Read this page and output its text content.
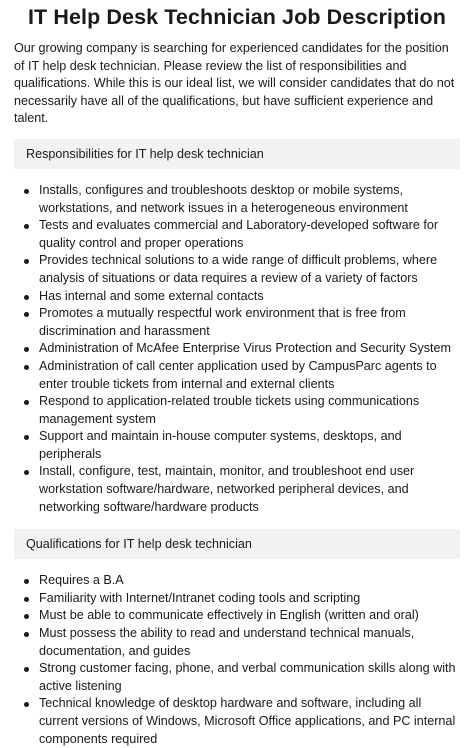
IT Help Desk Technician Job Description

Our growing company is searching for experienced candidates for the position of IT help desk technician. Please review the list of responsibilities and qualifications. While this is our ideal list, we will consider candidates that do not necessarily have all of the qualifications, but have sufficient experience and talent.

Responsibilities for IT help desk technician
Installs, configures and troubleshoots desktop or mobile systems, workstations, and network issues in a heterogeneous environment
Tests and evaluates commercial and Laboratory-developed software for quality control and proper operations
Provides technical solutions to a wide range of difficult problems, where analysis of situations or data requires a review of a variety of factors
Has internal and some external contacts
Promotes a mutually respectful work environment that is free from discrimination and harassment
Administration of McAfee Enterprise Virus Protection and Security System
Administration of call center application used by CampusParc agents to enter trouble tickets from internal and external clients
Respond to application-related trouble tickets using communications management system
Support and maintain in-house computer systems, desktops, and peripherals
Install, configure, test, maintain, monitor, and troubleshoot end user workstation software/hardware, networked peripheral devices, and networking software/hardware products
Qualifications for IT help desk technician
Requires a B.A
Familiarity with Internet/Intranet coding tools and scripting
Must be able to communicate effectively in English (written and oral)
Must possess the ability to read and understand technical manuals, documentation, and guides
Strong customer facing, phone, and verbal communication skills along with active listening
Technical knowledge of desktop hardware and software, including all current versions of Windows, Microsoft Office applications, and PC internal components required
